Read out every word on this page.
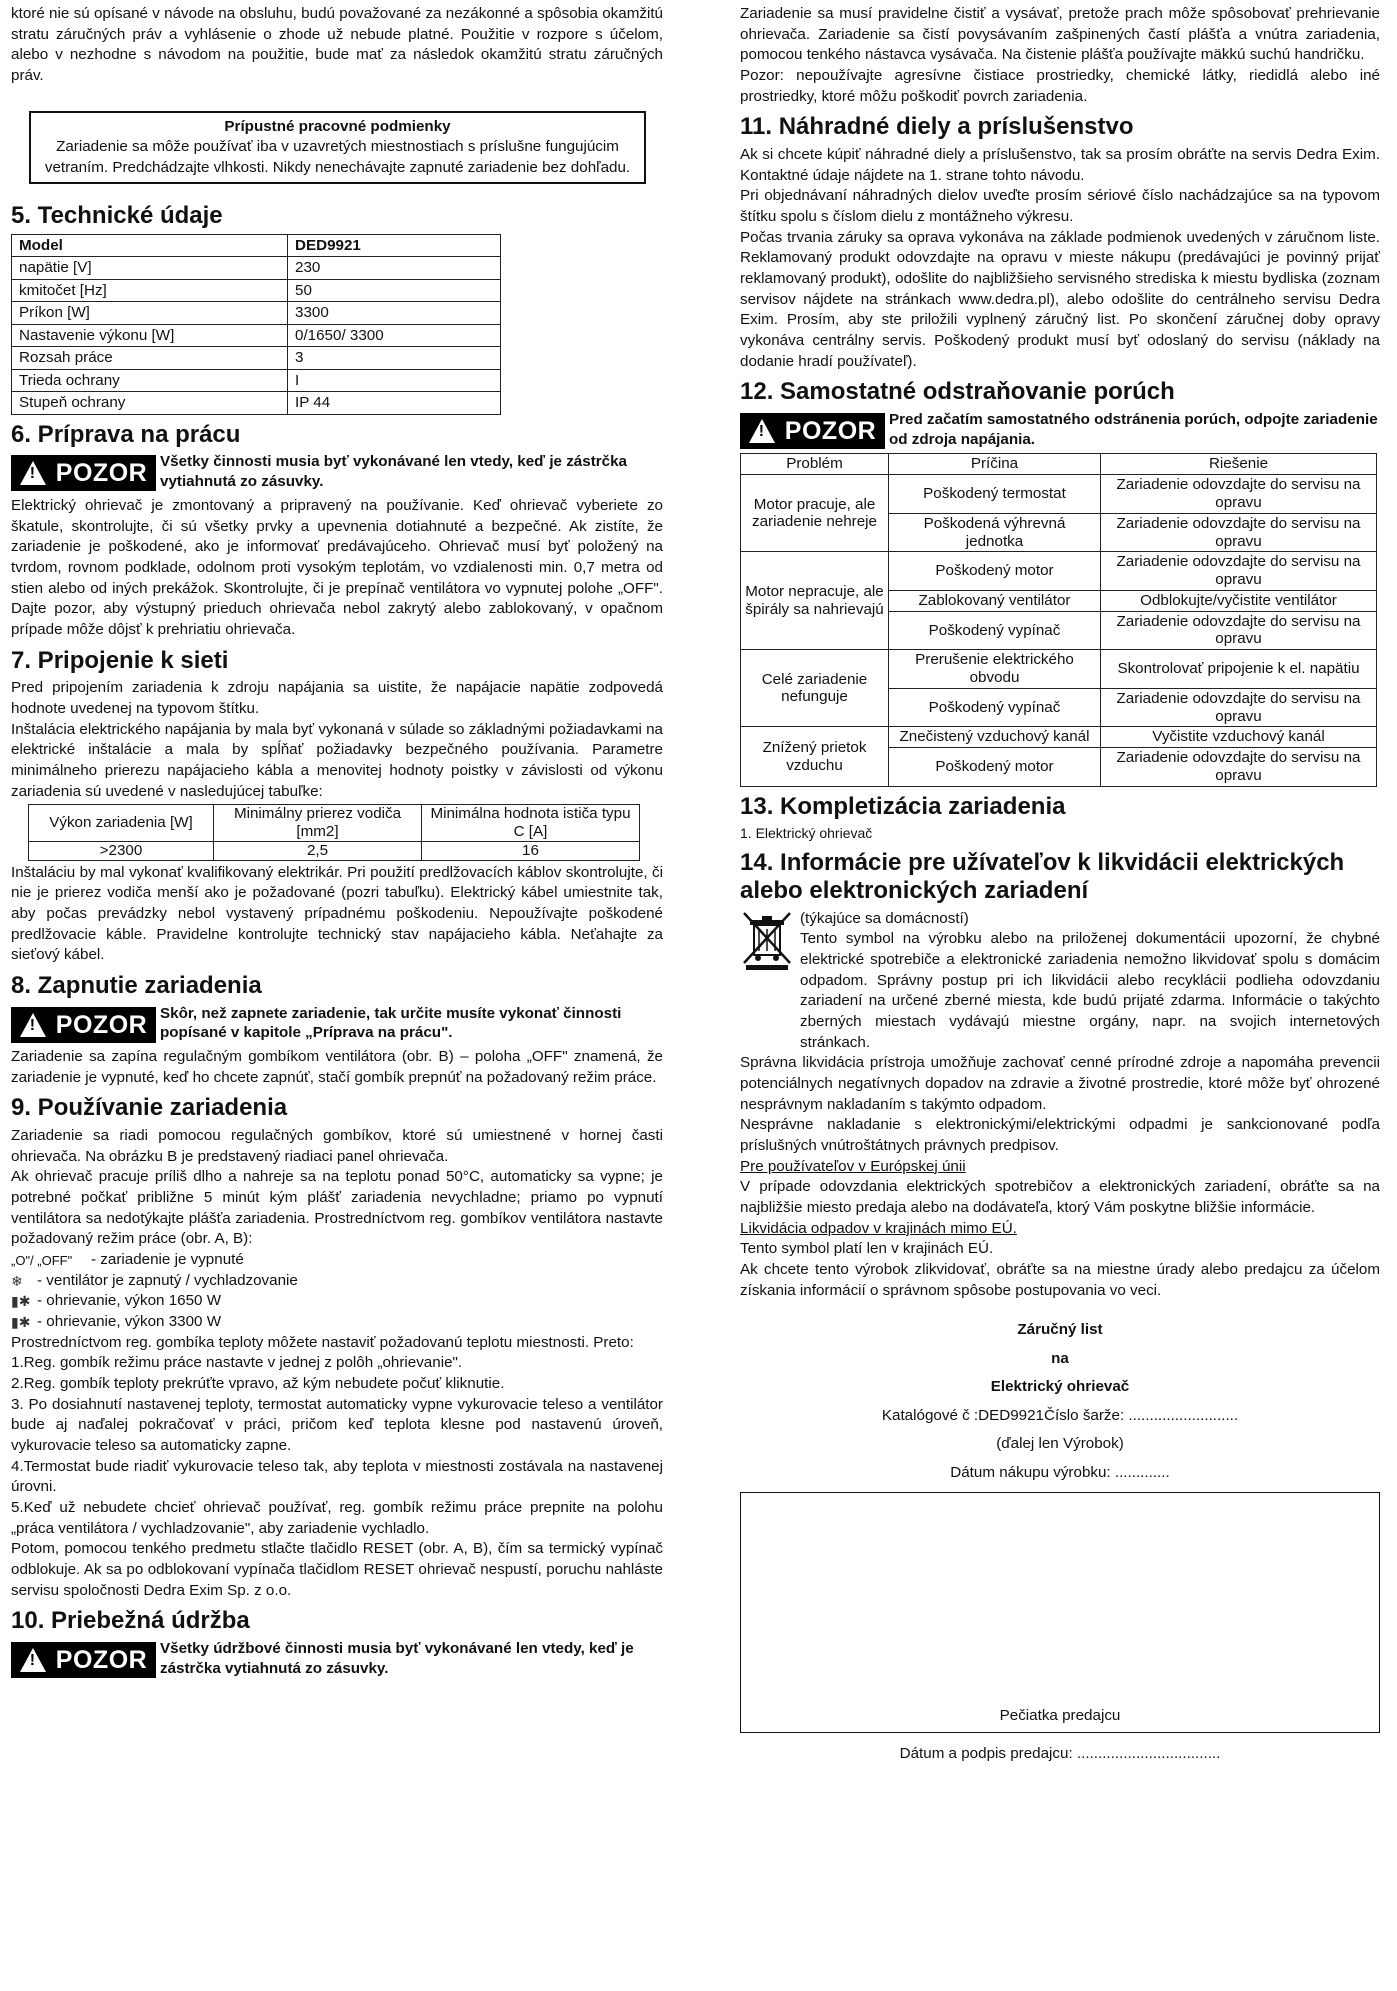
ktoré nie sú opísané v návode na obsluhu, budú považované za nezákonné a spôsobia okamžitú stratu záručných práv a vyhlásenie o zhode už nebude platné. Použitie v rozpore s účelom, alebo v nezhodne s návodom na použitie, bude mať za následok okamžitú stratu záručných práv.

Prípustné pracovné podmienky
Zariadenie sa môže používať iba v uzavretých miestnostiach s príslušne fungujúcim vetraním. Predchádzajte vlhkosti. Nikdy nenechávajte zapnuté zariadenie bez dohľadu.
5. Technické údaje
Model	DED9921
napätie [V]	230
kmitočet [Hz]	50
Príkon [W]	3300
Nastavenie výkonu [W]	0/1650/ 3300
Rozsah práce	3
Trieda ochrany	I
Stupeň ochrany	IP 44
6. Príprava na prácu
! POZOR Všetky činnosti musia byť vykonávané len vtedy, keď je zástrčka vytiahnutá zo zásuvky.

Elektrický ohrievač je zmontovaný a pripravený na používanie. Keď ohrievač vyberiete zo škatule, skontrolujte, či sú všetky prvky a upevnenia dotiahnuté a bezpečné. Ak zistíte, že zariadenie je poškodené, ako je informovať predávajúceho. Ohrievač musí byť položený na tvrdom, rovnom podklade, odolnom proti vysokým teplotám, vo vzdialenosti min. 0,7 metra od stien alebo od iných prekážok. Skontrolujte, či je prepínač ventilátora vo vypnutej polohe „OFF". Dajte pozor, aby výstupný prieduch ohrievača nebol zakrytý alebo zablokovaný, v opačnom prípade môže dôjsť k prehriatiu ohrievača.

7. Pripojenie k sieti

Pred pripojením zariadenia k zdroju napájania sa uistite, že napájacie napätie zodpovedá hodnote uvedenej na typovom štítku.

Inštalácia elektrického napájania by mala byť vykonaná v súlade so základnými požiadavkami na elektrické inštalácie a mala by spĺňať požiadavky bezpečného používania. Parametre minimálneho prierezu napájacieho kábla a menovitej hodnoty poistky v závislosti od výkonu zariadenia sú uvedené v nasledujúcej tabuľke:

Výkon zariadenia [W]	Minimálny prierez vodiča [mm2]	Minimálna hodnota ističa typu C [A]
>2300	2,5	16

Inštaláciu by mal vykonať kvalifikovaný elektrikár. Pri použití predlžovacích káblov skontrolujte, či nie je prierez vodiča menší ako je požadované (pozri tabuľku). Elektrický kábel umiestnite tak, aby počas prevádzky nebol vystavený prípadnému poškodeniu. Nepoužívajte poškodené predlžovacie káble. Pravidelne kontrolujte technický stav napájacieho kábla. Neťahajte za sieťový kábel.

8. Zapnutie zariadenia
! POZOR Skôr, než zapnete zariadenie, tak určite musíte vykonať činnosti popísané v kapitole „Príprava na prácu".

Zariadenie sa zapína regulačným gombíkom ventilátora (obr. B) – poloha „OFF" znamená, že zariadenie je vypnuté, keď ho chcete zapnúť, stačí gombík prepnúť na požadovaný režim práce.

9. Používanie zariadenia

Zariadenie sa riadi pomocou regulačných gombíkov, ktoré sú umiestnené v hornej časti ohrievača. Na obrázku B je predstavený riadiaci panel ohrievača.

Ak ohrievač pracuje príliš dlho a nahreje sa na teplotu ponad 50°C, automaticky sa vypne; je potrebné počkať približne 5 minút kým plášť zariadenia nevychladne; priamo po vypnutí ventilátora sa nedotýkajte plášťa zariadenia. Prostredníctvom reg. gombíkov ventilátora nastavte požadovaný režim práce (obr. A, B):

„O"/ „OFF"	- zariadenie je vypnuté
❄ - ventilátor je zapnutý / vychladzovanie
▮✱ - ohrievanie, výkon 1650 W
▮✱ - ohrievanie, výkon 3300 W

Prostredníctvom reg. gombíka teploty môžete nastaviť požadovanú teplotu miestnosti. Preto:

1.Reg. gombík režimu práce nastavte v jednej z polôh „ohrievanie".

2.Reg. gombík teploty prekrúťte vpravo, až kým nebudete počuť kliknutie.

3. Po dosiahnutí nastavenej teploty, termostat automaticky vypne vykurovacie teleso a ventilátor bude aj naďalej pokračovať v práci, pričom keď teplota klesne pod nastavenú úroveň, vykurovacie teleso sa automaticky zapne.

4.Termostat bude riadiť vykurovacie teleso tak, aby teplota v miestnosti zostávala na nastavenej úrovni.

5.Keď už nebudete chcieť ohrievač používať, reg. gombík režimu práce prepnite na polohu „práca ventilátora / vychladzovanie", aby zariadenie vychladlo.

Potom, pomocou tenkého predmetu stlačte tlačidlo RESET (obr. A, B), čím sa termický vypínač odblokuje. Ak sa po odblokovaní vypínača tlačidlom RESET ohrievač nespustí, poruchu nahláste servisu spoločnosti Dedra Exim Sp. z o.o.

10. Priebežná údržba
! POZOR Všetky údržbové činnosti musia byť vykonávané len vtedy, keď je zástrčka vytiahnutá zo zásuvky.

Zariadenie sa musí pravidelne čistiť a vysávať, pretože prach môže spôsobovať prehrievanie ohrievača. Zariadenie sa čistí povysávaním zašpinených častí plášťa a vnútra zariadenia, pomocou tenkého nástavca vysávača. Na čistenie plášťa používajte mäkkú suchú handričku.

Pozor: nepoužívajte agresívne čistiace prostriedky, chemické látky, riedidlá alebo iné prostriedky, ktoré môžu poškodiť povrch zariadenia.

11. Náhradné diely a príslušenstvo

Ak si chcete kúpiť náhradné diely a príslušenstvo, tak sa prosím obráťte na servis Dedra Exim. Kontaktné údaje nájdete na 1. strane tohto návodu.

Pri objednávaní náhradných dielov uveďte prosím sériové číslo nachádzajúce sa na typovom štítku spolu s číslom dielu z montážneho výkresu.

Počas trvania záruky sa oprava vykonáva na základe podmienok uvedených v záručnom liste. Reklamovaný produkt odovzdajte na opravu v mieste nákupu (predávajúci je povinný prijať reklamovaný produkt), odošlite do najbližšieho servisného strediska k miestu bydliska (zoznam servisov nájdete na stránkach www.dedra.pl), alebo odošlite do centrálneho servisu Dedra Exim. Prosím, aby ste priložili vyplnený záručný list. Po skončení záručnej doby opravy vykonáva centrálny servis. Poškodený produkt musí byť odoslaný do servisu (náklady na dodanie hradí používateľ).

12. Samostatné odstraňovanie porúch
! POZOR Pred začatím samostatného odstránenia porúch, odpojte zariadenie od zdroja napájania.
Problém	Príčina	Riešenie
Motor pracuje, ale zariadenie nehreje	Poškodený termostat	Zariadenie odovzdajte do servisu na opravu
	Poškodená výhrevná jednotka	Zariadenie odovzdajte do servisu na opravu
Motor nepracuje, ale špirály sa nahrievajú	Poškodený motor	Zariadenie odovzdajte do servisu na opravu
	Zablokovaný ventilátor	Odblokujte/vyčistite ventilátor
	Poškodený vypínač	Zariadenie odovzdajte do servisu na opravu
Celé zariadenie nefunguje	Prerušenie elektrického obvodu	Skontrolovať pripojenie k el. napätiu
	Poškodený vypínač	Zariadenie odovzdajte do servisu na opravu
Znížený prietok vzduchu	Znečistený vzduchový kanál	Vyčistite vzduchový kanál
	Poškodený motor	Zariadenie odovzdajte do servisu na opravu
13. Kompletizácia zariadenia

1. Elektrický ohrievač

14. Informácie pre užívateľov k likvidácii elektrických alebo elektronických zariadení
(týkajúce sa domácností)

Tento symbol na výrobku alebo na priloženej dokumentácii upozorní, že chybné elektrické spotrebiče a elektronické zariadenia nemožno likvidovať spolu s domácim odpadom. Správny postup pri ich likvidácii alebo recyklácii podlieha odovzdaniu zariadení na určené zberné miesta, kde budú prijaté zdarma. Informácie o takýchto zberných miestach vydávajú miestne orgány, napr. na svojich internetových stránkach.

Správna likvidácia prístroja umožňuje zachovať cenné prírodné zdroje a napomáha prevencii potenciálnych negatívnych dopadov na zdravie a životné prostredie, ktoré môže byť ohrozené nesprávnym nakladaním s takýmto odpadom.

Nesprávne nakladanie s elektronickými/elektrickými odpadmi je sankcionované podľa príslušných vnútroštátnych právnych predpisov.

Pre používateľov v Európskej únii

V prípade odovzdania elektrických spotrebičov a elektronických zariadení, obráťte sa na najbližšie miesto predaja alebo na dodávateľa, ktorý Vám poskytne bližšie informácie.

Likvidácia odpadov v krajinách mimo EÚ.

Tento symbol platí len v krajinách EÚ.

Ak chcete tento výrobok zlikvidovať, obráťte sa na miestne úrady alebo predajcu za účelom získania informácií o správnom spôsobe postupovania vo veci.

Záručný list
na
Elektrický ohrievač
Katalógové č :DED9921Číslo šarže: ..........................
(ďalej len Výrobok)
Dátum nákupu výrobku: .............
Pečiatka predajcu
Dátum a podpis predajcu: ..................................
